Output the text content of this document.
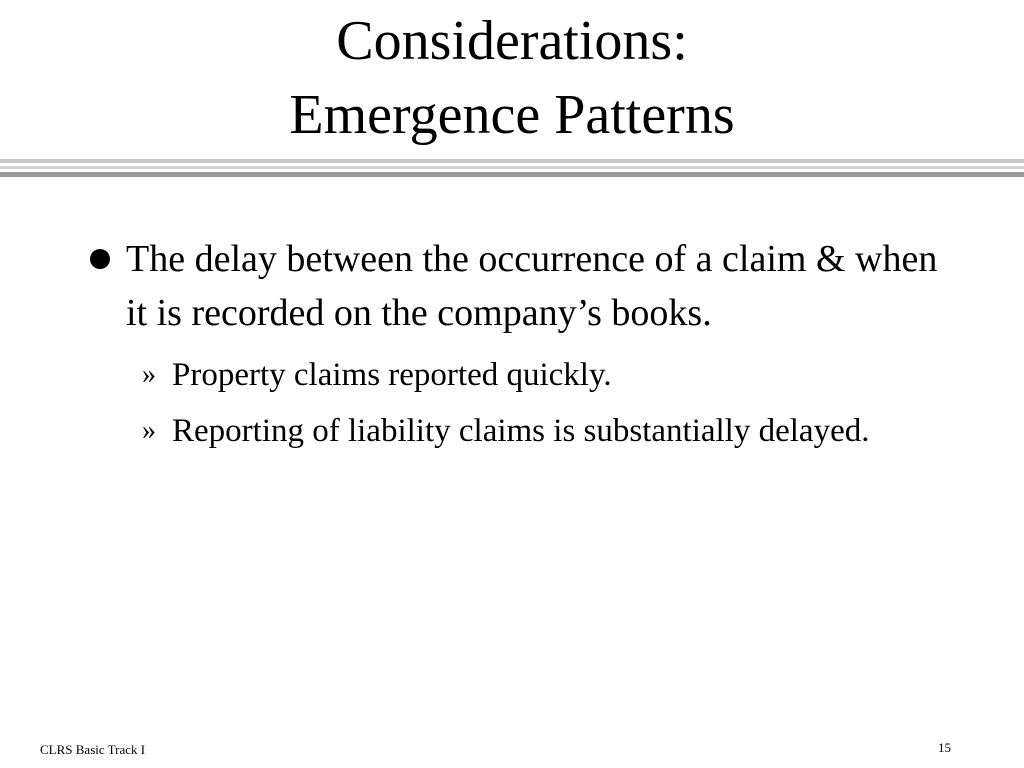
Considerations:
Emergence Patterns
The delay between the occurrence of a claim & when it is recorded on the company’s books.
» Property claims reported quickly.
» Reporting of liability claims is substantially delayed.
CLRS Basic Track I	15
